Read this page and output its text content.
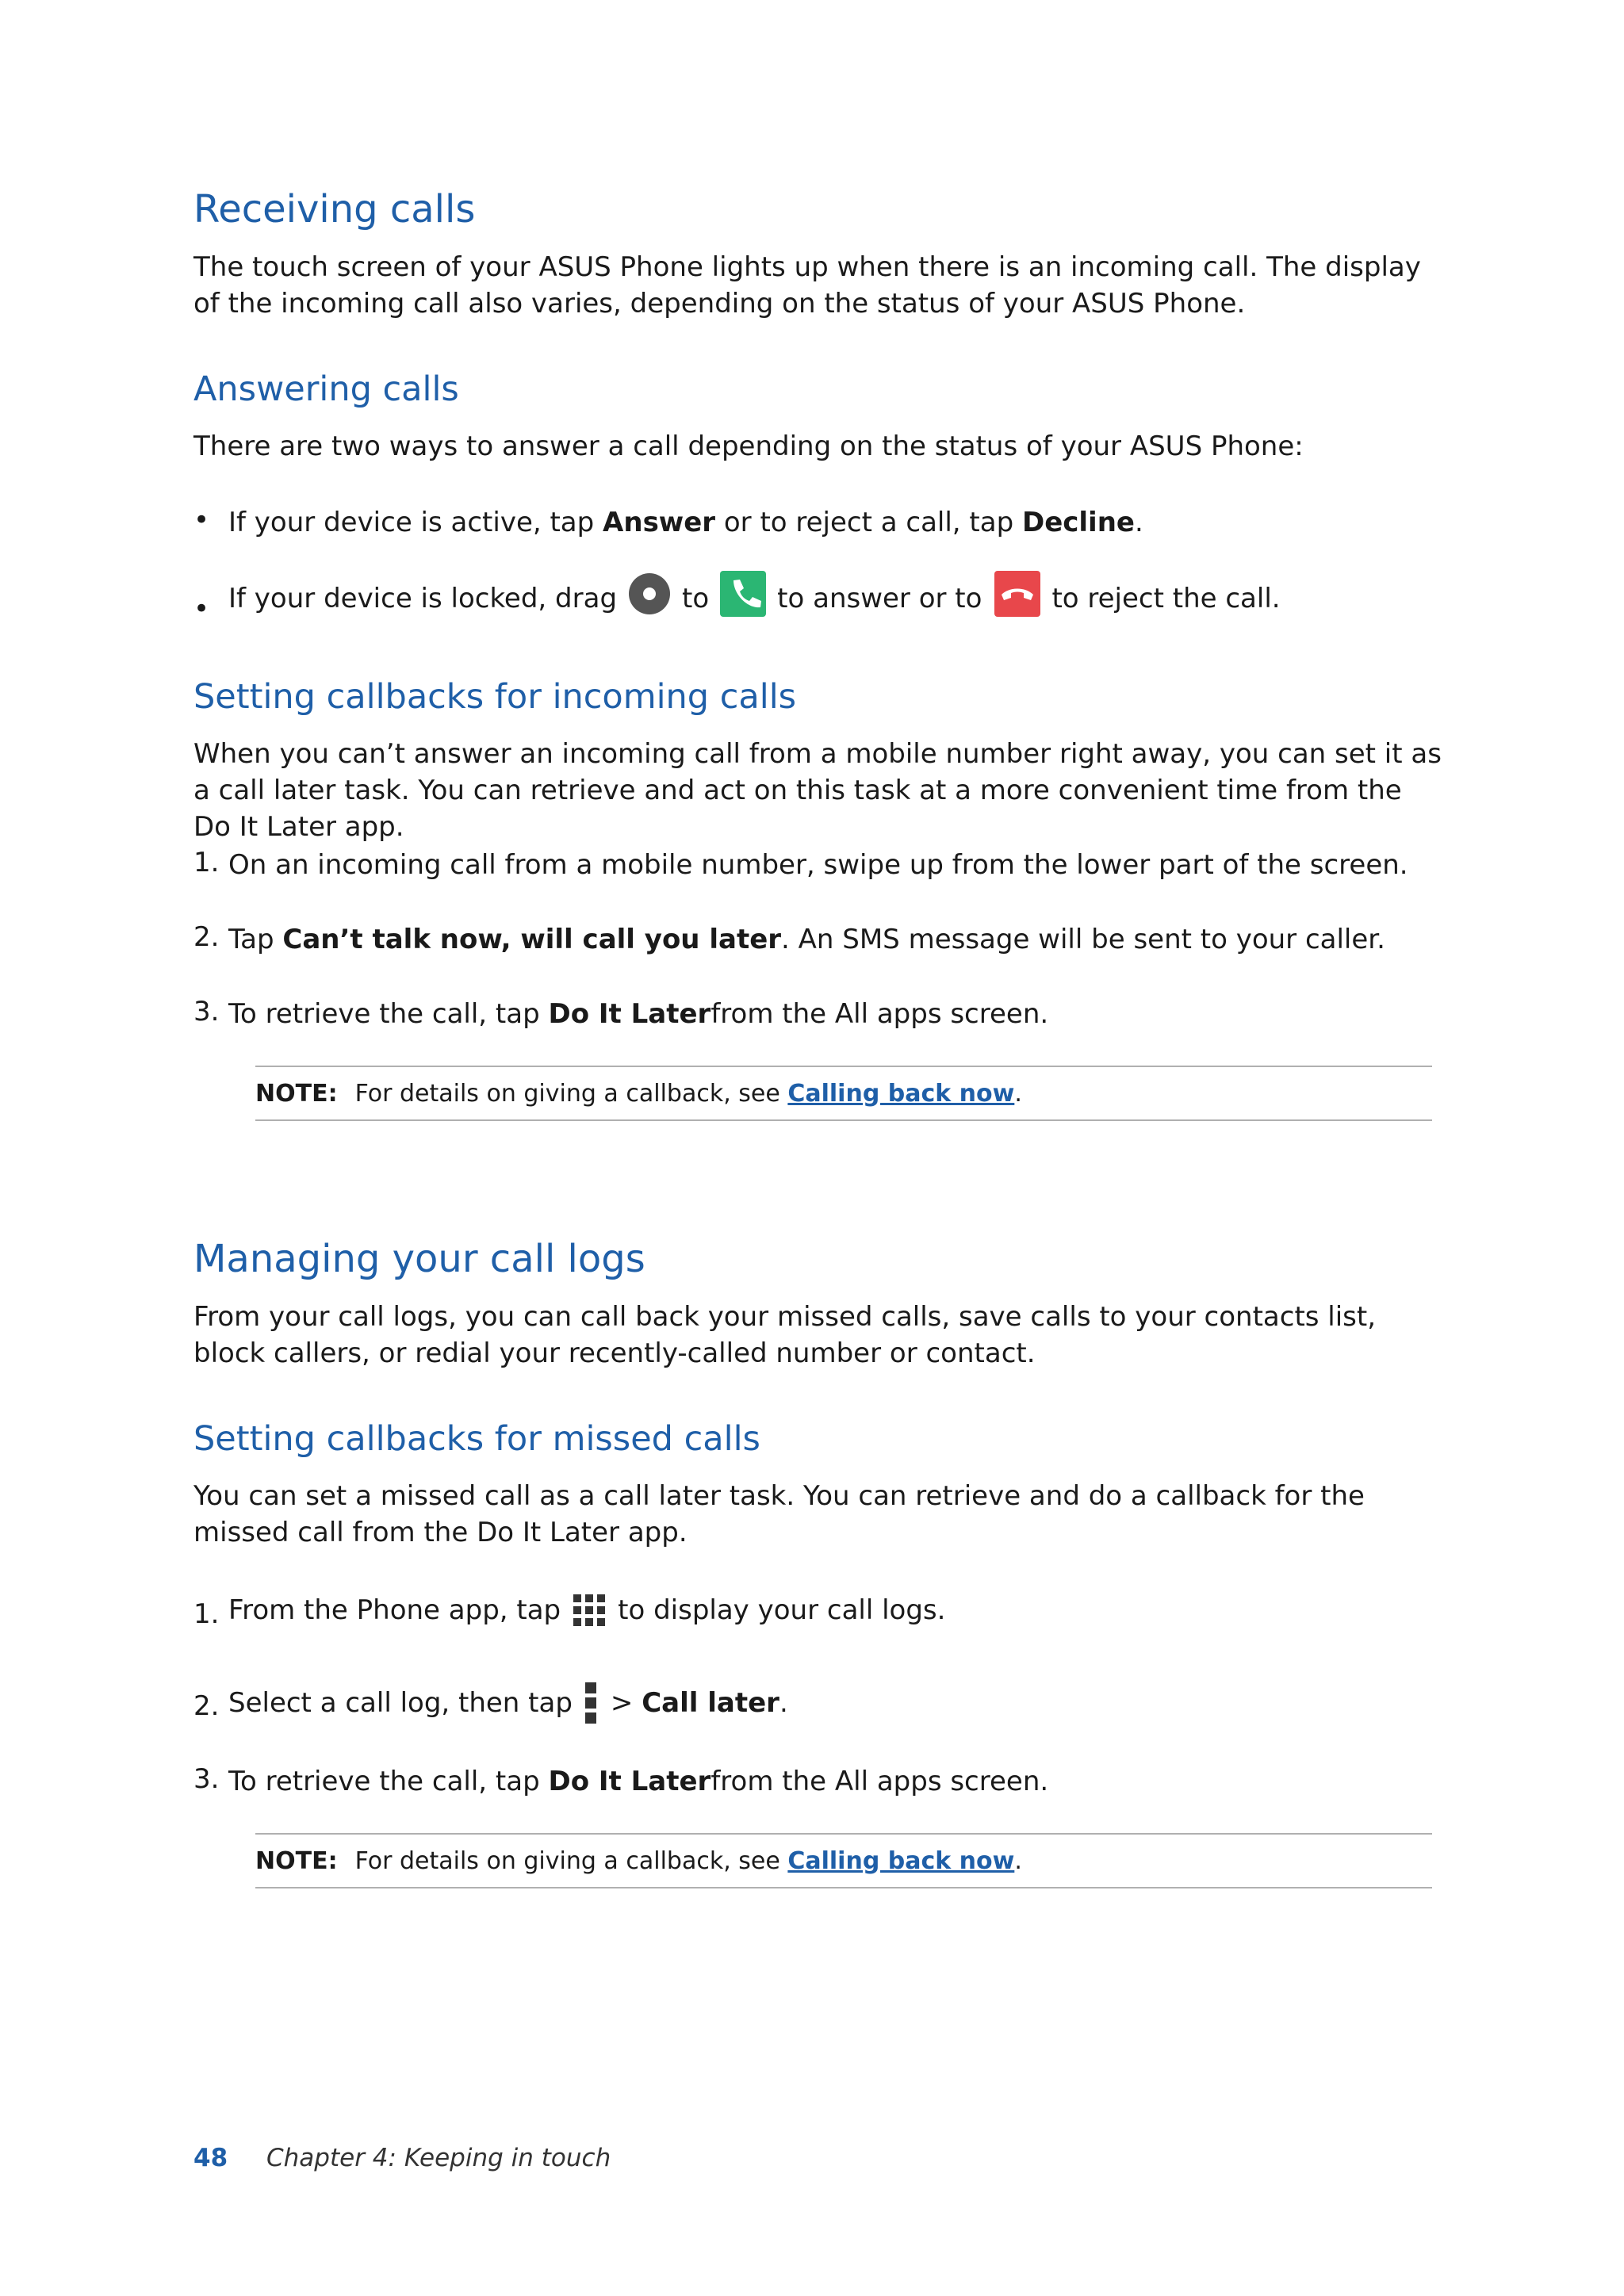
Receiving calls

The touch screen of your ASUS Phone lights up when there is an incoming call. The display of the incoming call also varies, depending on the status of your ASUS Phone.

Answering calls
There are two ways to answer a call depending on the status of your ASUS Phone:
• If your device is active, tap Answer or to reject a call, tap Decline .
• If your device is locked, drag to	to answer or to	to reject the call.
Setting callbacks for incoming calls

When you can’t answer an incoming call from a mobile number right away, you can set it as a call later task. You can retrieve and act on this task at a more convenient time from the Do It Later app.

1. On an incoming call from a mobile number, swipe up from the lower part of the screen.
2. Tap Can’t talk now, will call you later . An SMS message will be sent to your caller.
3. To retrieve the call, tap Do It Later from the All apps screen.
NOTE: For details on giving a callback, see Calling back now .
Managing your call logs

From your call logs, you can call back your missed calls, save calls to your contacts list, block callers, or redial your recently-called number or contact.

Setting callbacks for missed calls

You can set a missed call as a call later task. You can retrieve and do a callback for the missed call from the Do It Later app.

1. From the Phone app, tap to display your call logs.
2. Select a call log, then tap > Call later .
3. To retrieve the call, tap Do It Later from the All apps screen.
NOTE: For details on giving a callback, see Calling back now .
48 Chapter 4: Keeping in touch
